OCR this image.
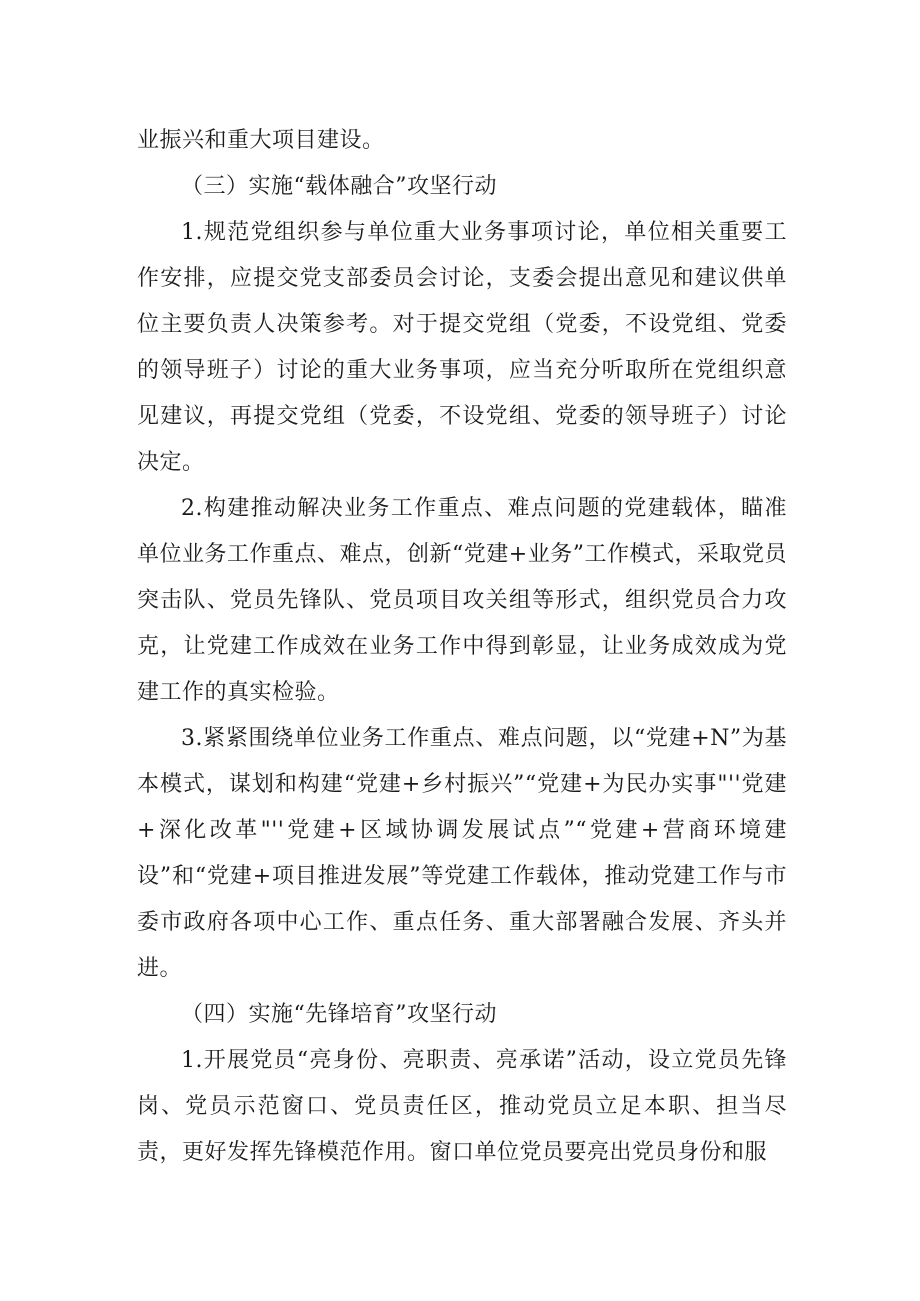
业振兴和重大项目建设。

（三）实施“载体融合”攻坚行动

1.规范党组织参与单位重大业务事项讨论，单位相关重要工作安排，应提交党支部委员会讨论，支委会提出意见和建议供单位主要负责人决策参考。对于提交党组（党委，不设党组、党委的领导班子）讨论的重大业务事项，应当充分听取所在党组织意见建议，再提交党组（党委，不设党组、党委的领导班子）讨论决定。

2.构建推动解决业务工作重点、难点问题的党建载体，瞄准单位业务工作重点、难点，创新“党建+业务”工作模式，采取党员突击队、党员先锋队、党员项目攻关组等形式，组织党员合力攻克，让党建工作成效在业务工作中得到彰显，让业务成效成为党建工作的真实检验。

3.紧紧围绕单位业务工作重点、难点问题，以“党建+N”为基本模式，谋划和构建“党建+乡村振兴”“党建+为民办实事"''党建+深化改革"''党建+区域协调发展试点”“党建+营商环境建设”和“党建+项目推进发展”等党建工作载体，推动党建工作与市委市政府各项中心工作、重点任务、重大部署融合发展、齐头并进。

（四）实施“先锋培育”攻坚行动

1.开展党员“亮身份、亮职责、亮承诺”活动，设立党员先锋岗、党员示范窗口、党员责任区，推动党员立足本职、担当尽责，更好发挥先锋模范作用。窗口单位党员要亮出党员身份和服
